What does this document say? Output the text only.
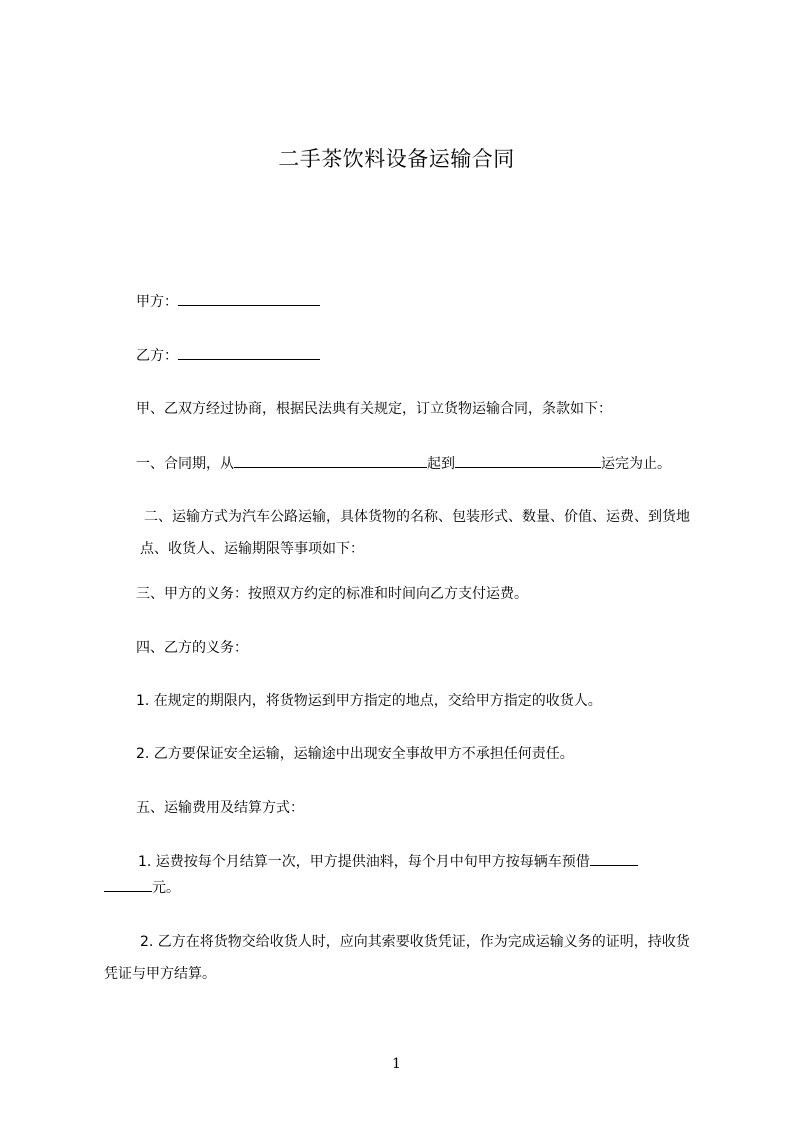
二手茶饮料设备运输合同
甲方：
乙方：
甲、乙双方经过协商，根据民法典有关规定，订立货物运输合同，条款如下：
一、合同期，从	起到	运完为止。
二、运输方式为汽车公路运输，具体货物的名称、包装形式、数量、价值、运费、到货地点、收货人、运输期限等事项如下：
三、甲方的义务：按照双方约定的标准和时间向乙方支付运费。
四、乙方的义务：
1. 在规定的期限内，将货物运到甲方指定的地点，交给甲方指定的收货人。
2. 乙方要保证安全运输，运输途中出现安全事故甲方不承担任何责任。
五、运输费用及结算方式：
1. 运费按每个月结算一次，甲方提供油料，每个月中旬甲方按每辆车预借
元。
2. 乙方在将货物交给收货人时，应向其索要收货凭证，作为完成运输义务的证明，持收货凭证与甲方结算。
1
